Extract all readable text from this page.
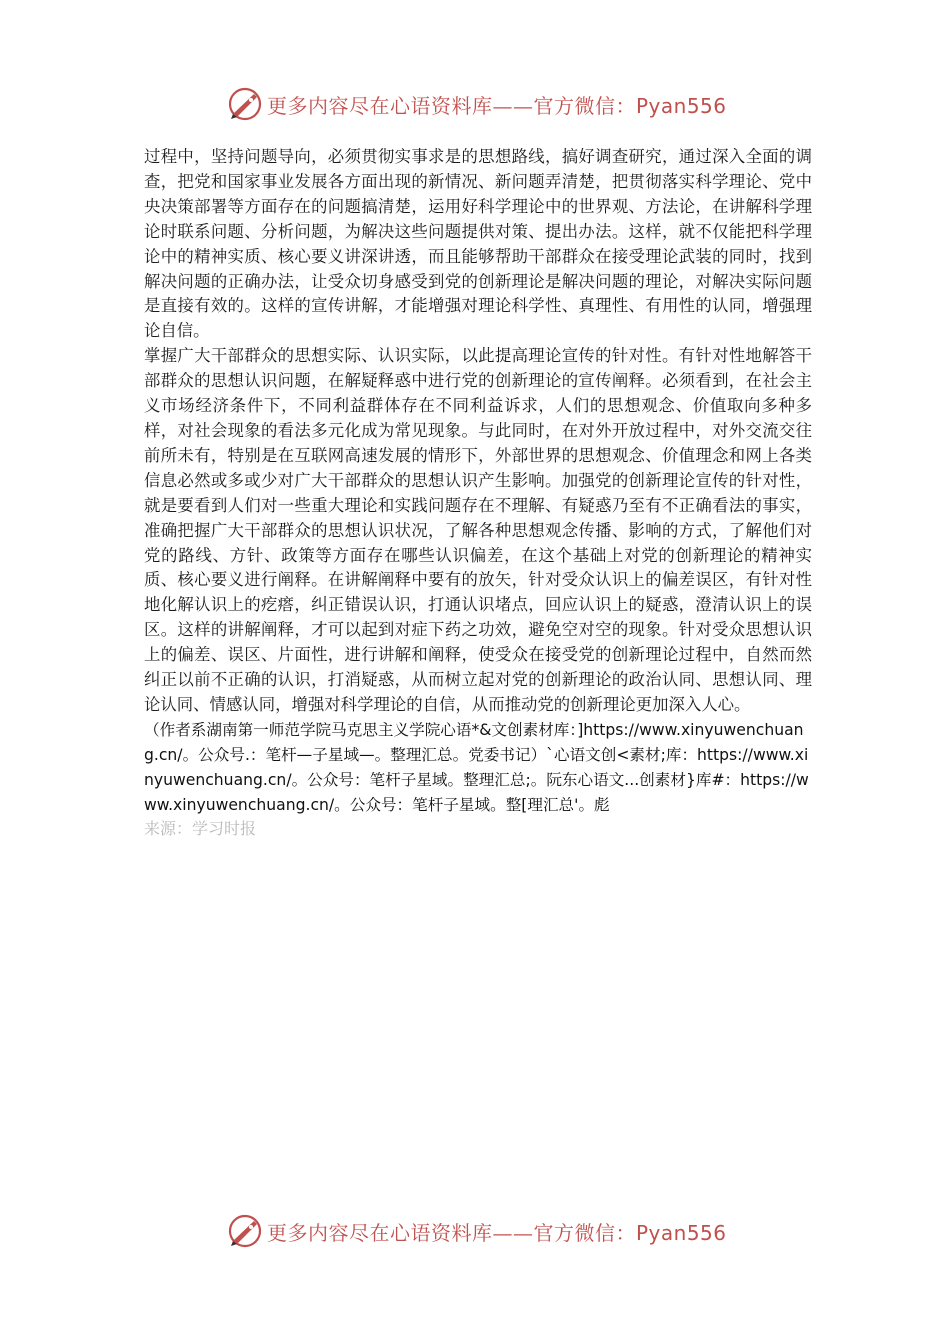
更多内容尽在心语资料库——官方微信：Pyan556

过程中，坚持问题导向，必须贯彻实事求是的思想路线，搞好调查研究，通过深入全面的调查，把党和国家事业发展各方面出现的新情况、新问题弄清楚，把贯彻落实科学理论、党中央决策部署等方面存在的问题搞清楚，运用好科学理论中的世界观、方法论，在讲解科学理论时联系问题、分析问题，为解决这些问题提供对策、提出办法。这样，就不仅能把科学理论中的精神实质、核心要义讲深讲透，而且能够帮助干部群众在接受理论武装的同时，找到解决问题的正确办法，让受众切身感受到党的创新理论是解决问题的理论，对解决实际问题是直接有效的。这样的宣传讲解，才能增强对理论科学性、真理性、有用性的认同，增强理论自信。

掌握广大干部群众的思想实际、认识实际，以此提高理论宣传的针对性。有针对性地解答干部群众的思想认识问题，在解疑释惑中进行党的创新理论的宣传阐释。必须看到，在社会主义市场经济条件下，不同利益群体存在不同利益诉求，人们的思想观念、价值取向多种多样，对社会现象的看法多元化成为常见现象。与此同时，在对外开放过程中，对外交流交往前所未有，特别是在互联网高速发展的情形下，外部世界的思想观念、价值理念和网上各类信息必然或多或少对广大干部群众的思想认识产生影响。加强党的创新理论宣传的针对性，就是要看到人们对一些重大理论和实践问题存在不理解、有疑惑乃至有不正确看法的事实，准确把握广大干部群众的思想认识状况，了解各种思想观念传播、影响的方式，了解他们对党的路线、方针、政策等方面存在哪些认识偏差，在这个基础上对党的创新理论的精神实质、核心要义进行阐释。在讲解阐释中要有的放矢，针对受众认识上的偏差误区，有针对性地化解认识上的疙瘩，纠正错误认识，打通认识堵点，回应认识上的疑惑，澄清认识上的误区。这样的讲解阐释，才可以起到对症下药之功效，避免空对空的现象。针对受众思想认识上的偏差、误区、片面性，进行讲解和阐释，使受众在接受党的创新理论过程中，自然而然纠正以前不正确的认识，打消疑惑，从而树立起对党的创新理论的政治认同、思想认同、理论认同、情感认同，增强对科学理论的自信，从而推动党的创新理论更加深入人心。

（作者系湖南第一师范学院马克思主义学院心语*&文创素材库：]https://www.xinyuwenchuang.cn/。公众号.：笔杆—子星域—。整理汇总。党委书记）`心语文创<素材;库：https://www.xinyuwenchuang.cn/。公众号：笔杆子星域。整理汇总;。阮东心语文...创素材}库#：https://www.xinyuwenchuang.cn/。公众号：笔杆子星域。整[理汇总'。彪

来源：学习时报

更多内容尽在心语资料库——官方微信：Pyan556
